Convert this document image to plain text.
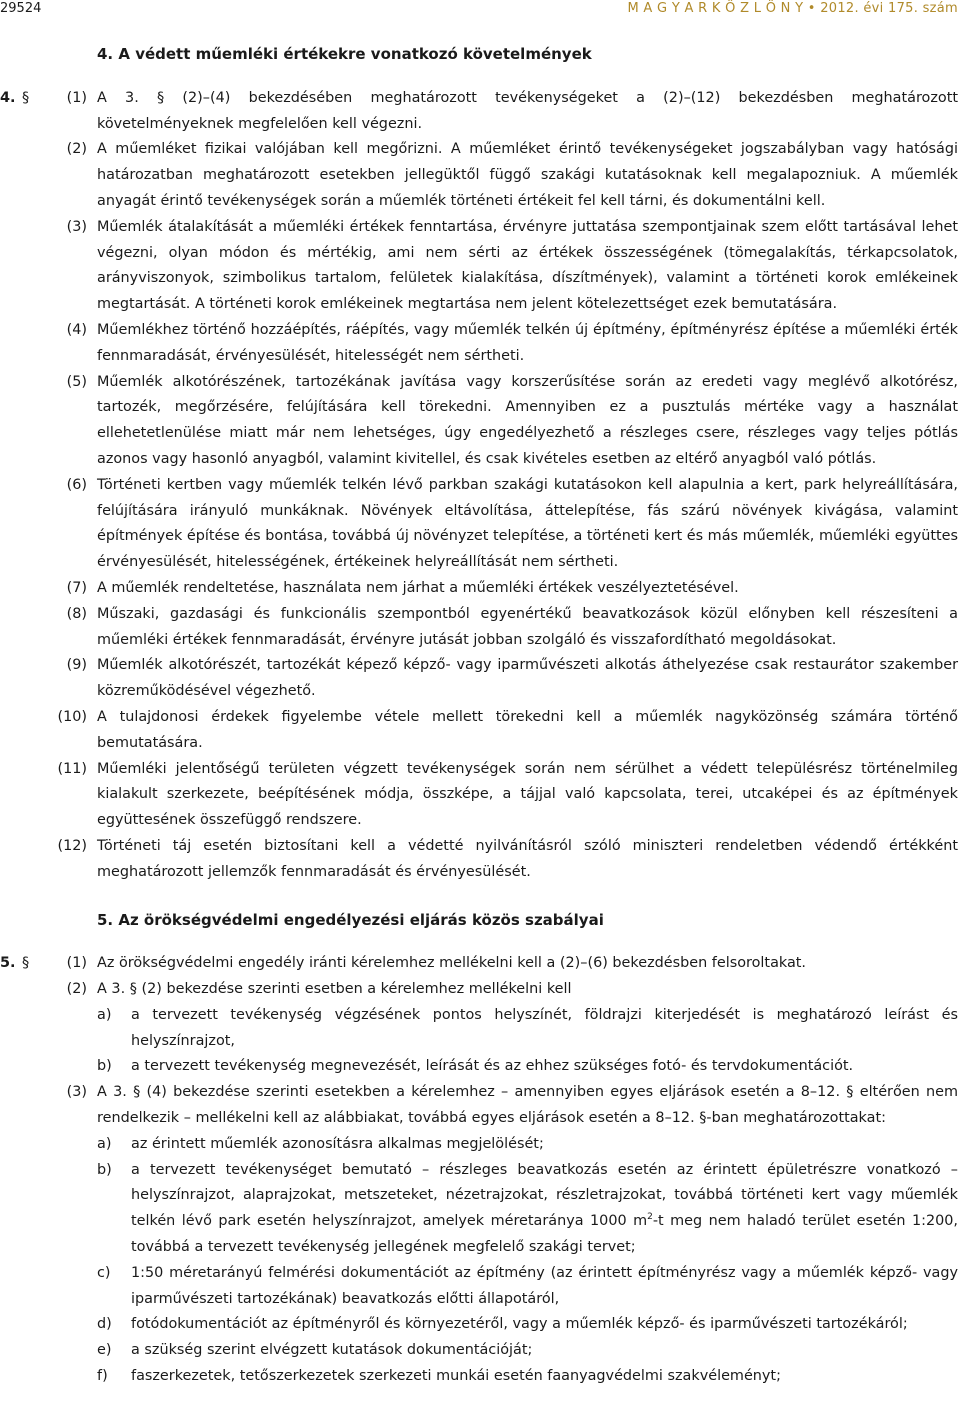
29524	M A G Y A R K Ö Z L Ö N Y • 2012. évi 175. szám
4. A védett műemléki értékekre vonatkozó követelmények
4. §	(1) A 3. § (2)–(4) bekezdésében meghatározott tevékenységeket a (2)–(12) bekezdésben meghatározott követelményeknek megfelelően kell végezni.
(2) A műemléket fizikai valójában kell megőrizni. A műemléket érintő tevékenységeket jogszabályban vagy hatósági határozatban meghatározott esetekben jellegüktől függő szakági kutatásoknak kell megalapozniuk. A műemlék anyagát érintő tevékenységek során a műemlék történeti értékeit fel kell tárni, és dokumentálni kell.
(3) Műemlék átalakítását a műemléki értékek fenntartása, érvényre juttatása szempontjainak szem előtt tartásával lehet végezni, olyan módon és mértékig, ami nem sérti az értékek összességének (tömegalakítás, térkapcsolatok, arányviszonyok, szimbolikus tartalom, felületek kialakítása, díszítmények), valamint a történeti korok emlékeinek megtartását. A történeti korok emlékeinek megtartása nem jelent kötelezettséget ezek bemutatására.
(4) Műemlékhez történő hozzáépítés, ráépítés, vagy műemlék telkén új építmény, építményrész építése a műemléki érték fennmaradását, érvényesülését, hitelességét nem sértheti.
(5) Műemlék alkotórészének, tartozékának javítása vagy korszerűsítése során az eredeti vagy meglévő alkotórész, tartozék, megőrzésére, felújítására kell törekedni. Amennyiben ez a pusztulás mértéke vagy a használat ellehetetlenülése miatt már nem lehetséges, úgy engedélyezhető a részleges csere, részleges vagy teljes pótlás azonos vagy hasonló anyagból, valamint kivitellel, és csak kivételes esetben az eltérő anyagból való pótlás.
(6) Történeti kertben vagy műemlék telkén lévő parkban szakági kutatásokon kell alapulnia a kert, park helyreállítására, felújítására irányuló munkáknak. Növények eltávolítása, áttelepítése, fás szárú növények kivágása, valamint építmények építése és bontása, továbbá új növényzet telepítése, a történeti kert és más műemlék, műemléki együttes érvényesülését, hitelességének, értékeinek helyreállítását nem sértheti.
(7) A műemlék rendeltetése, használata nem járhat a műemléki értékek veszélyeztetésével.
(8) Műszaki, gazdasági és funkcionális szempontból egyenértékű beavatkozások közül előnyben kell részesíteni a műemléki értékek fennmaradását, érvényre jutását jobban szolgáló és visszafordítható megoldásokat.
(9) Műemlék alkotórészét, tartozékát képező képző- vagy iparművészeti alkotás áthelyezése csak restaurátor szakember közreműködésével végezhető.
(10) A tulajdonosi érdekek figyelembe vétele mellett törekedni kell a műemlék nagyközönség számára történő bemutatására.
(11) Műemléki jelentőségű területen végzett tevékenységek során nem sérülhet a védett településrész történelmileg kialakult szerkezete, beépítésének módja, összképe, a tájjal való kapcsolata, terei, utcaképei és az építmények együttesének összefüggő rendszere.
(12) Történeti táj esetén biztosítani kell a védetté nyilvánításról szóló miniszteri rendeletben védendő értékként meghatározott jellemzők fennmaradását és érvényesülését.
5. Az örökségvédelmi engedélyezési eljárás közös szabályai
5. §	(1) Az örökségvédelmi engedély iránti kérelemhez mellékelni kell a (2)–(6) bekezdésben felsoroltakat.
(2) A 3. § (2) bekezdése szerinti esetben a kérelemhez mellékelni kell
a) a tervezett tevékenység végzésének pontos helyszínét, földrajzi kiterjedését is meghatározó leírást és helyszínrajzot,
b) a tervezett tevékenység megnevezését, leírását és az ehhez szükséges fotó- és tervdokumentációt.
(3) A 3. § (4) bekezdése szerinti esetekben a kérelemhez – amennyiben egyes eljárások esetén a 8–12. § eltérően nem rendelkezik – mellékelni kell az alábbiakat, továbbá egyes eljárások esetén a 8–12. §-ban meghatározottakat:
a) az érintett műemlék azonosításra alkalmas megjelölését;
b) a tervezett tevékenységet bemutató – részleges beavatkozás esetén az érintett épületrészre vonatkozó – helyszínrajzot, alaprajzokat, metszeteket, nézetrajzokat, részletrajzokat, továbbá történeti kert vagy műemlék telkén lévő park esetén helyszínrajzot, amelyek méretaránya 1000 $m^2-t$ meg nem haladó terület esetén 1:200, továbbá a tervezett tevékenység jellegének megfelelő szakági tervet;
c) 1:50 méretarányú felmérési dokumentációt az építmény (az érintett építményrész vagy a műemlék képző- vagy iparművészeti tartozékának) beavatkozás előtti állapotáról,
d) fotódokumentációt az építményről és környezetéről, vagy a műemlék képző- és iparművészeti tartozékáról;
e) a szükség szerint elvégzett kutatások dokumentációját;
f) faszerkezetek, tetőszerkezetek szerkezeti munkái esetén faanyagvédelmi szakvéleményt;
